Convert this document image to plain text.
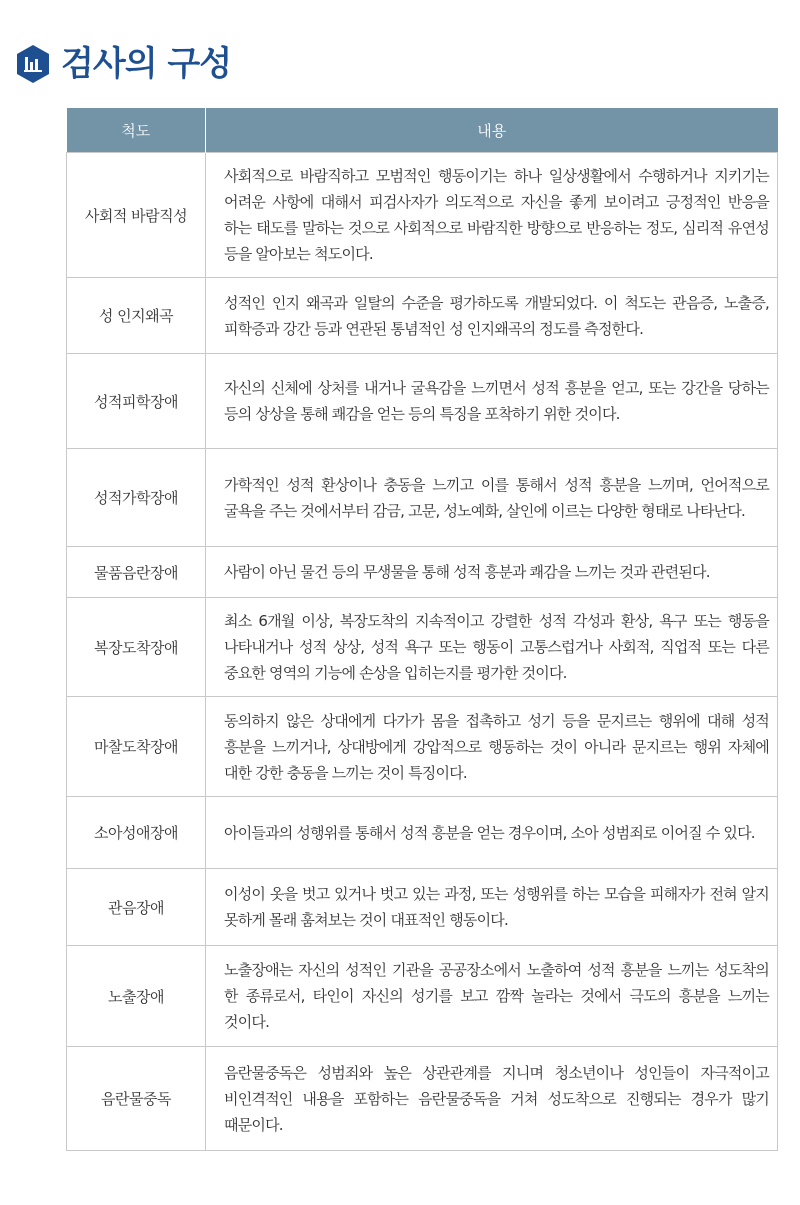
검사의 구성
척도	내용
사회적 바람직성	사회적으로 바람직하고 모범적인 행동이기는 하나 일상생활에서 수행하거나 지키기는 어려운 사항에 대해서 피검사자가 의도적으로 자신을 좋게 보이려고 긍정적인 반응을 하는 태도를 말하는 것으로 사회적으로 바람직한 방향으로 반응하는 정도, 심리적 유연성 등을 알아보는 척도이다.
성 인지왜곡	성적인 인지 왜곡과 일탈의 수준을 평가하도록 개발되었다. 이 척도는 관음증, 노출증, 피학증과 강간 등과 연관된 통념적인 성 인지왜곡의 정도를 측정한다.
성적피학장애	자신의 신체에 상처를 내거나 굴욕감을 느끼면서 성적 흥분을 얻고, 또는 강간을 당하는 등의 상상을 통해 쾌감을 얻는 등의 특징을 포착하기 위한 것이다.
성적가학장애	가학적인 성적 환상이나 충동을 느끼고 이를 통해서 성적 흥분을 느끼며, 언어적으로 굴욕을 주는 것에서부터 감금, 고문, 성노예화, 살인에 이르는 다양한 형태로 나타난다.
물품음란장애	사람이 아닌 물건 등의 무생물을 통해 성적 흥분과 쾌감을 느끼는 것과 관련된다.
복장도착장애	최소 6개월 이상, 복장도착의 지속적이고 강렬한 성적 각성과 환상, 욕구 또는 행동을 나타내거나 성적 상상, 성적 욕구 또는 행동이 고통스럽거나 사회적, 직업적 또는 다른 중요한 영역의 기능에 손상을 입히는지를 평가한 것이다.
마찰도착장애	동의하지 않은 상대에게 다가가 몸을 접촉하고 성기 등을 문지르는 행위에 대해 성적 흥분을 느끼거나, 상대방에게 강압적으로 행동하는 것이 아니라 문지르는 행위 자체에 대한 강한 충동을 느끼는 것이 특징이다.
소아성애장애	아이들과의 성행위를 통해서 성적 흥분을 얻는 경우이며, 소아 성범죄로 이어질 수 있다.
관음장애	이성이 옷을 벗고 있거나 벗고 있는 과정, 또는 성행위를 하는 모습을 피해자가 전혀 알지 못하게 몰래 훔쳐보는 것이 대표적인 행동이다.
노출장애	노출장애는 자신의 성적인 기관을 공공장소에서 노출하여 성적 흥분을 느끼는 성도착의 한 종류로서, 타인이 자신의 성기를 보고 깜짝 놀라는 것에서 극도의 흥분을 느끼는 것이다.
음란물중독	음란물중독은 성범죄와 높은 상관관계를 지니며 청소년이나 성인들이 자극적이고 비인격적인 내용을 포함하는 음란물중독을 거쳐 성도착으로 진행되는 경우가 많기 때문이다.
